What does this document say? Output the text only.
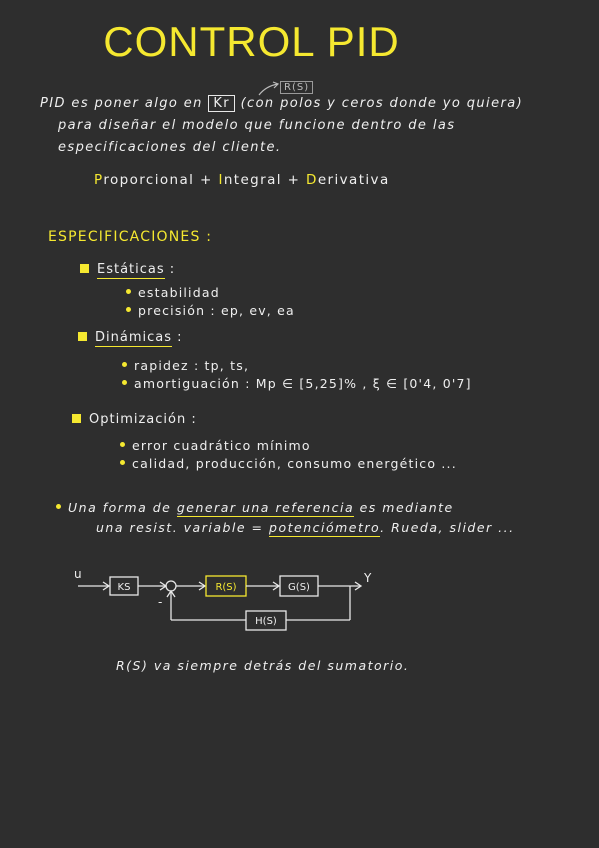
CONTROL PID
R(S)
PID es poner algo en Kr (con polos y ceros donde yo quiera)
para diseñar el modelo que funcione dentro de las
especificaciones del cliente.
Proporcional + Integral + Derivativa
ESPECIFICACIONES :
Estáticas :
estabilidad
precisión : ep, ev, ea
Dinámicas :
rapidez : tp, ts,
amortiguación : Mp ∈ [5,25]% , ξ ∈ [0'4, 0'7]
Optimización :
error cuadrático mínimo
calidad, producción, consumo energético ...
Una forma de generar una referencia es mediante
una resist. variable = potenciómetro. Rueda, slider ...
u
KS
-
R(S)	G(S)
Y
H(S)
R(S) va siempre detrás del sumatorio.
